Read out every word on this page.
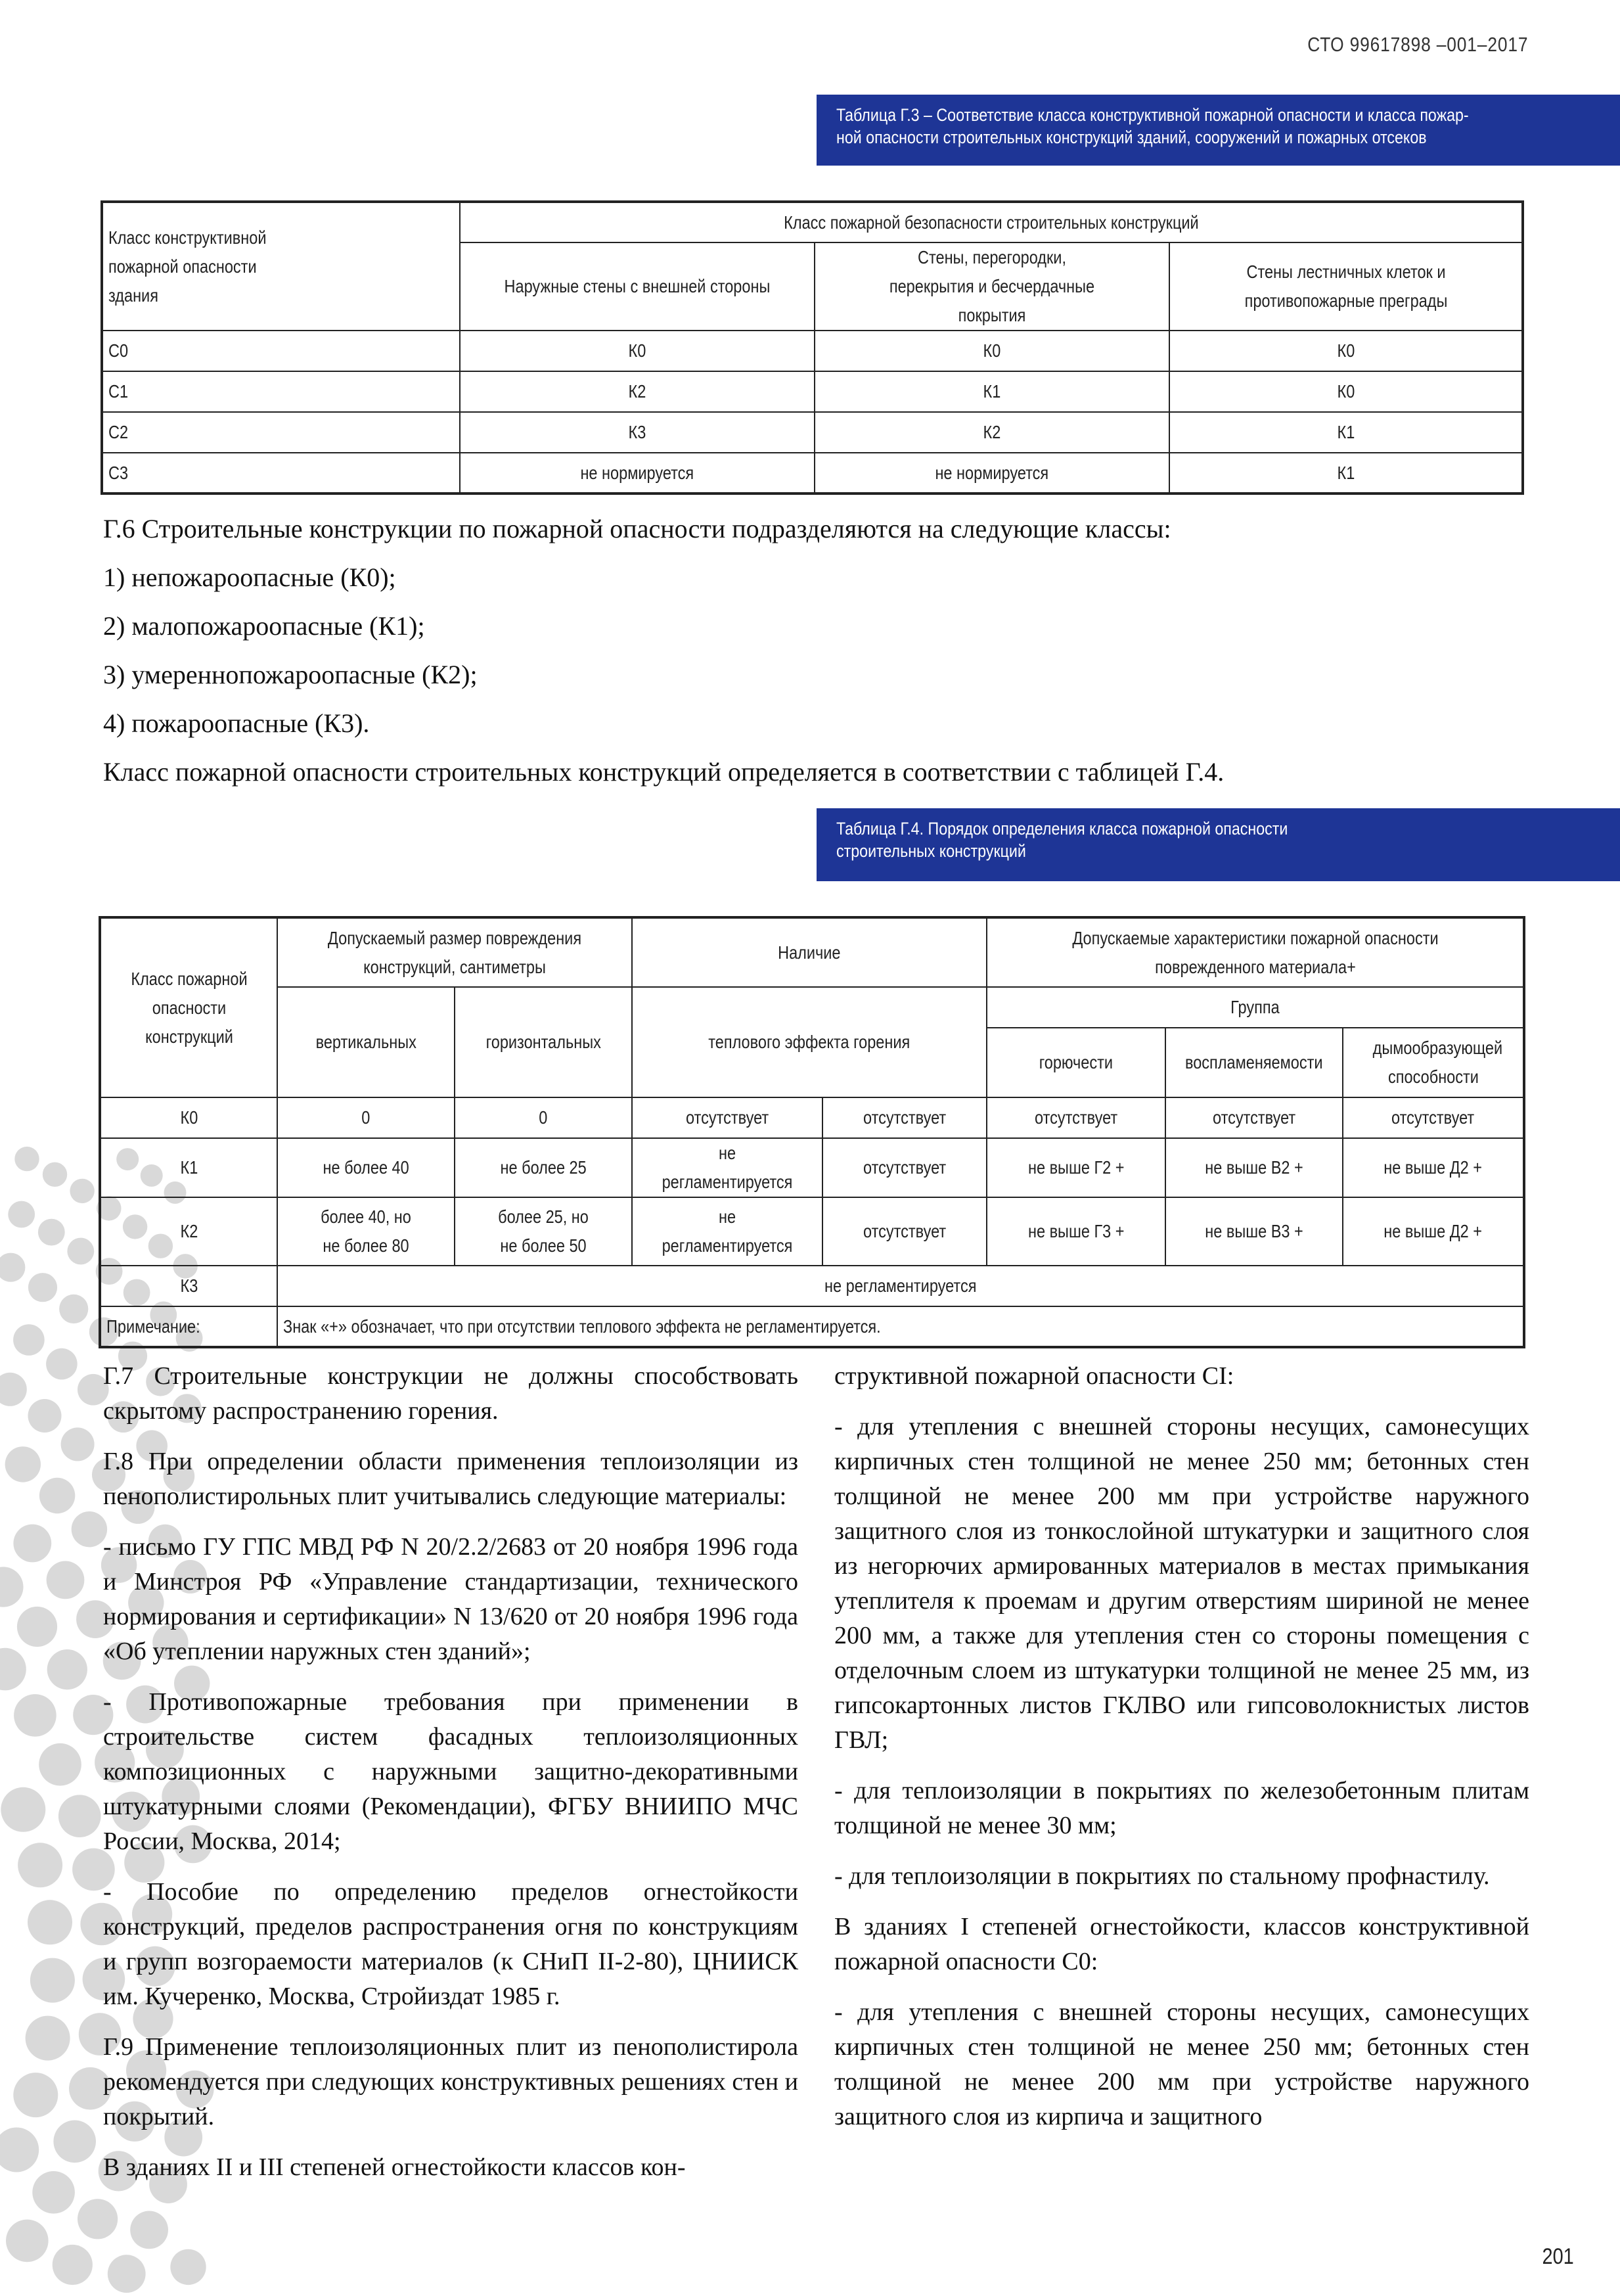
СТО 99617898 –001–2017
Таблица Г.3 – Соответствие класса конструктивной пожарной опасности и класса пожар-
ной опасности строительных конструкций зданий, сооружений и пожарных отсеков
Класс конструктивной пожарной опасности здания	Класс пожарной безопасности строительных конструкций		
	Наружные стены с внешней стороны	Стены, перегородки, перекрытия и бесчердачные покрытия	Стены лестничных клеток и противопожарные преграды
С0	К0	К0	К0
С1	К2	К1	К0
С2	К3	К2	К1
С3	не нормируется	не нормируется	К1
Г.6 Строительные конструкции по пожарной опасности подразделяются на следующие классы:
1) непожароопасные (К0);
2) малопожароопасные (К1);
3) умереннопожароопасные (К2);
4) пожароопасные (К3).
Класс пожарной опасности строительных конструкций определяется в соответствии с таблицей Г.4.
Таблица Г.4. Порядок определения класса пожарной опасности
строительных конструкций
Класс пожарной опасности конструкций	Допускаемый размер повреждения конструкций, сантиметры		Наличие		Допускаемые характеристики пожарной опасности поврежденного материала+		
	вертикальных	горизонтальных	теплового эффекта горения		Группа		
					горючести	воспламеняемости	дымообразующей способности
К0	0	0	отсутствует	отсутствует	отсутствует	отсутствует	отсутствует
К1	не более 40	не более 25	не регламентируется	отсутствует	не выше Г2 +	не выше В2 +	не выше Д2 +
К2	более 40, но не более 80	более 25, но не более 50	не регламентируется	отсутствует	не выше Г3 +	не выше В3 +	не выше Д2 +
К3	не регламентируется						
Примечание:	Знак «+» обозначает, что при отсутствии теплового эффекта не регламентируется.						

Г.7 Строительные конструкции не должны способствовать скрытому распространению горения.

Г.8 При определении области применения теплоизоляции из пенополистирольных плит учитывались следующие материалы:

- письмо ГУ ГПС МВД РФ N 20/2.2/2683 от 20 ноября 1996 года и Минстроя РФ «Управление стандартизации, технического нормирования и сертификации» N 13/620 от 20 ноября 1996 года «Об утеплении наружных стен зданий»;

- Противопожарные требования при применении в строительстве систем фасадных теплоизоляционных композиционных с наружными защитно-декоративными штукатурными слоями (Рекомендации), ФГБУ ВНИИПО МЧС России, Москва, 2014;

- Пособие по определению пределов огнестойкости конструкций, пределов распространения огня по конструкциям и групп возгораемости материалов (к СНиП II-2-80), ЦНИИСК им. Кучеренко, Москва, Стройиздат 1985 г.

Г.9 Применение теплоизоляционных плит из пенополистирола рекомендуется при следующих конструктивных решениях стен и покрытий.

В зданиях II и III степеней огнестойкости классов кон-

структивной пожарной опасности CI:

- для утепления с внешней стороны несущих, самонесущих кирпичных стен толщиной не менее 250 мм; бетонных стен толщиной не менее 200 мм при устройстве наружного защитного слоя из тонкослойной штукатурки и защитного слоя из негорючих армированных материалов в местах примыкания утеплителя к проемам и другим отверстиям шириной не менее 200 мм, а также для утепления стен со стороны помещения с отделочным слоем из штукатурки толщиной не менее 25 мм, из гипсокартонных листов ГКЛВО или гипсоволокнистых листов ГВЛ;

- для теплоизоляции в покрытиях по железобетонным плитам толщиной не менее 30 мм;

- для теплоизоляции в покрытиях по стальному профнастилу.

В зданиях I степеней огнестойкости, классов конструктивной пожарной опасности С0:

- для утепления с внешней стороны несущих, самонесущих кирпичных стен толщиной не менее 250 мм; бетонных стен толщиной не менее 200 мм при устройстве наружного защитного слоя из кирпича и защитного

201
